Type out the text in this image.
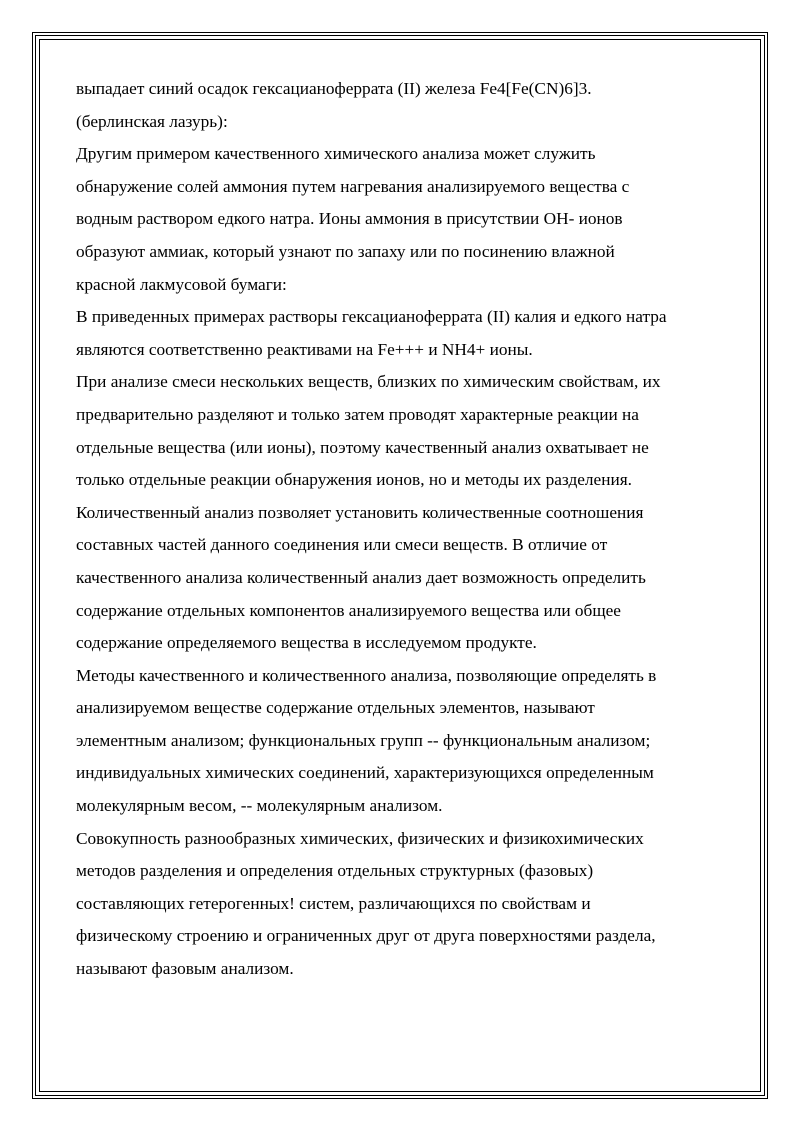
выпадает синий осадок гексацианоферрата (II) железа Fe4[Fe(CN)6]3.
(берлинская лазурь):
Другим примером качественного химического анализа может служить
обнаружение солей аммония путем нагревания анализируемого вещества с
водным раствором едкого натра. Ионы аммония в присутствии ОН- ионов
образуют аммиак, который узнают по запаху или по посинению влажной
красной лакмусовой бумаги:
В приведенных примерах растворы гексацианоферрата (II) калия и едкого натра
являются соответственно реактивами на Fe+++ и NH4+ ионы.
При анализе смеси нескольких веществ, близких по химическим свойствам, их
предварительно разделяют и только затем проводят характерные реакции на
отдельные вещества (или ионы), поэтому качественный анализ охватывает не
только отдельные реакции обнаружения ионов, но и методы их разделения.
Количественный анализ позволяет установить количественные соотношения
составных частей данного соединения или смеси веществ. В отличие от
качественного анализа количественный анализ дает возможность определить
содержание отдельных компонентов анализируемого вещества или общее
содержание определяемого вещества в исследуемом продукте.
Методы качественного и количественного анализа, позволяющие определять в
анализируемом веществе содержание отдельных элементов, называют
элементным анализом; функциональных групп -- функциональным анализом;
индивидуальных химических соединений, характеризующихся определенным
молекулярным весом, -- молекулярным анализом.
Совокупность разнообразных химических, физических и физикохимических
методов разделения и определения отдельных структурных (фазовых)
составляющих гетерогенных! систем, различающихся по свойствам и
физическому строению и ограниченных друг от друга поверхностями раздела,
называют фазовым анализом.
